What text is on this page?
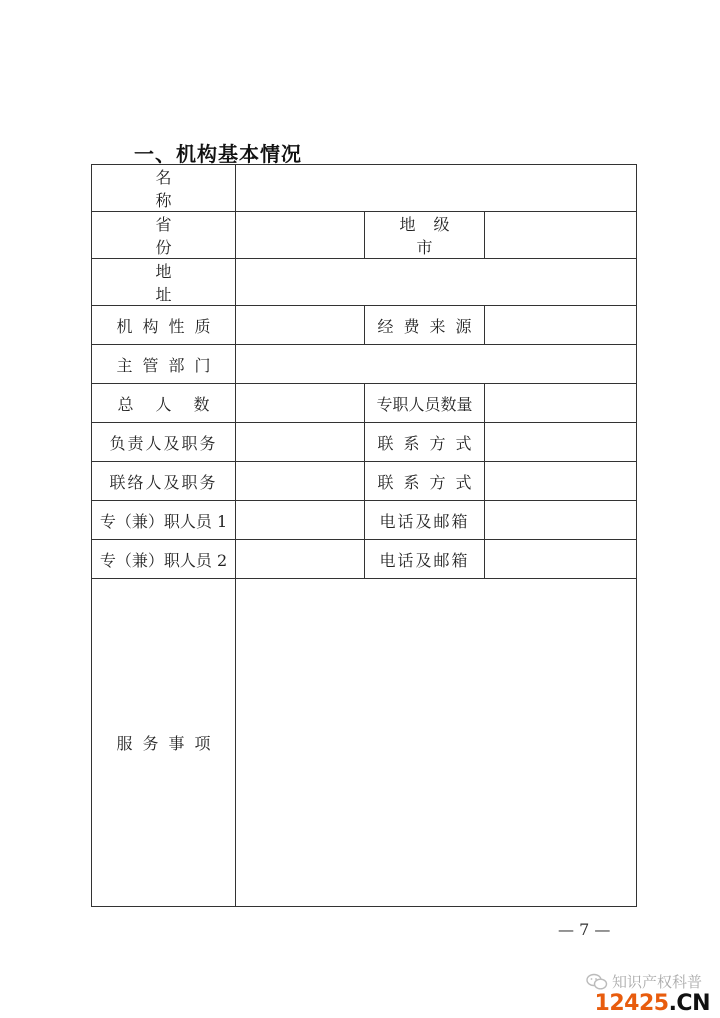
一、机构基本情况
名称			
省份		地级市	
地址			
机构性质		经费来源	
主管部门			
总人数		专职人员数量	
负责人及职务		联系方式	
联络人及职务		联系方式	
专（兼）职人员 1		电话及邮箱	
专（兼）职人员 2		电话及邮箱	
服务事项			
— 7 —
知识产权科普
12425.CN
